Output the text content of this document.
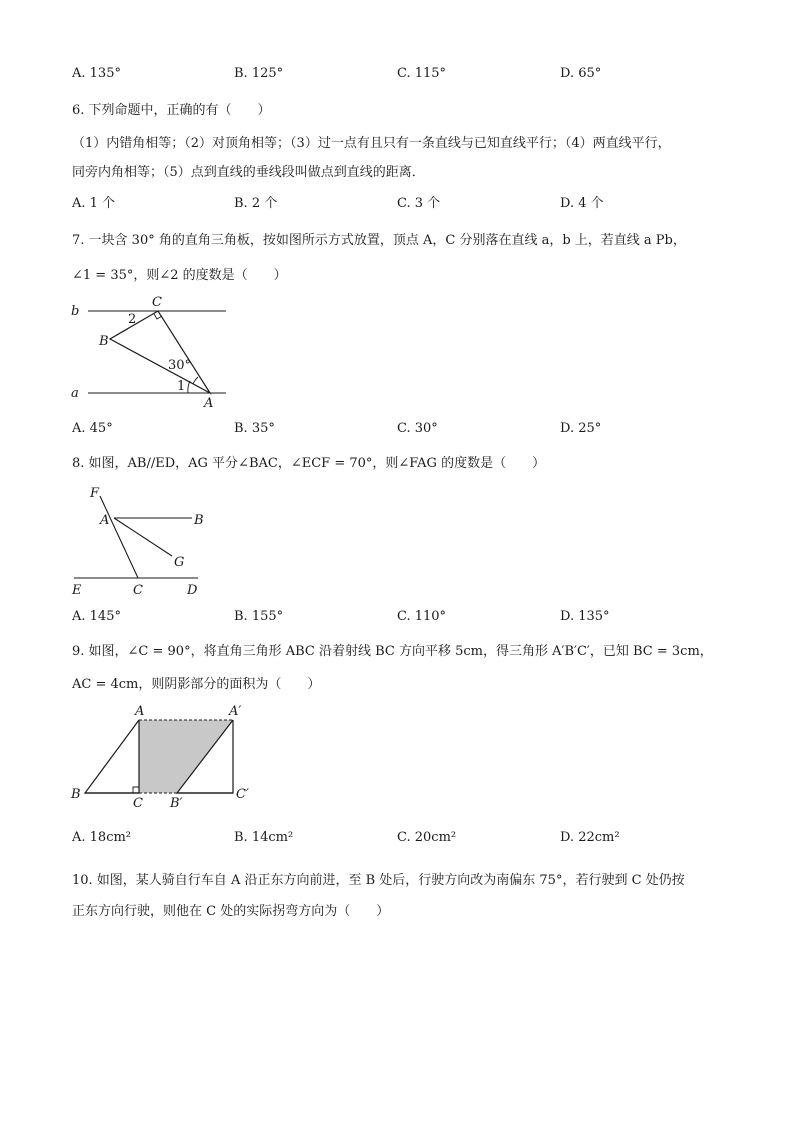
A. 135°	B. 125°	C. 115°	D. 65°
6. 下列命题中，正确的有（　　）
（1）内错角相等；（2）对顶角相等；（3）过一点有且只有一条直线与已知直线平行；（4）两直线平行，
同旁内角相等；（5）点到直线的垂线段叫做点到直线的距离．
A. 1 个	B. 2 个	C. 3 个	D. 4 个
7. 一块含 30° 角的直角三角板，按如图所示方式放置，顶点 A，C 分别落在直线 a，b 上，若直线 a Pb，
∠1 = 35°，则∠2 的度数是（　　）
b
a
C
B
A
2
1
30°
A. 45°	B. 35°	C. 30°	D. 25°
8. 如图，AB//ED，AG 平分∠BAC，∠ECF = 70°，则∠FAG 的度数是（　　）
F
A	B
G
E	C	D
A. 145°	B. 155°	C. 110°	D. 135°
9. 如图，∠C = 90°，将直角三角形 ABC 沿着射线 BC 方向平移 5cm，得三角形 A′B′C′，已知 BC = 3cm，
AC = 4cm，则阴影部分的面积为（　　）
A	A′
B
C B′
C′
A. 18cm²	B. 14cm²	C. 20cm²	D. 22cm²
10. 如图，某人骑自行车自 A 沿正东方向前进，至 B 处后，行驶方向改为南偏东 75°，若行驶到 C 处仍按
正东方向行驶，则他在 C 处的实际拐弯方向为（　　）
